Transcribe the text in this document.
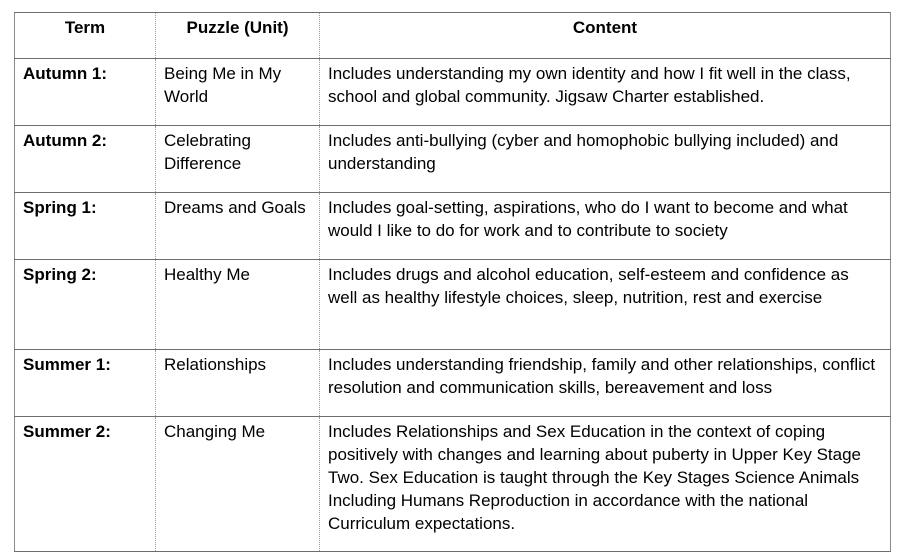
Term	Puzzle (Unit)	Content
Autumn 1:	Being Me in My World	Includes understanding my own identity and how I fit well in the class, school and global community. Jigsaw Charter established.
Autumn 2:	Celebrating Difference	Includes anti-bullying (cyber and homophobic bullying included) and understanding
Spring 1:	Dreams and Goals	Includes goal-setting, aspirations, who do I want to become and what would I like to do for work and to contribute to society
Spring 2:	Healthy Me	Includes drugs and alcohol education, self-esteem and confidence as well as healthy lifestyle choices, sleep, nutrition, rest and exercise
Summer 1:	Relationships	Includes understanding friendship, family and other relationships, conflict resolution and communication skills, bereavement and loss
Summer 2:	Changing Me	Includes Relationships and Sex Education in the context of coping positively with changes and learning about puberty in Upper Key Stage Two. Sex Education is taught through the Key Stages Science Animals Including Humans Reproduction in accordance with the national Curriculum expectations.
